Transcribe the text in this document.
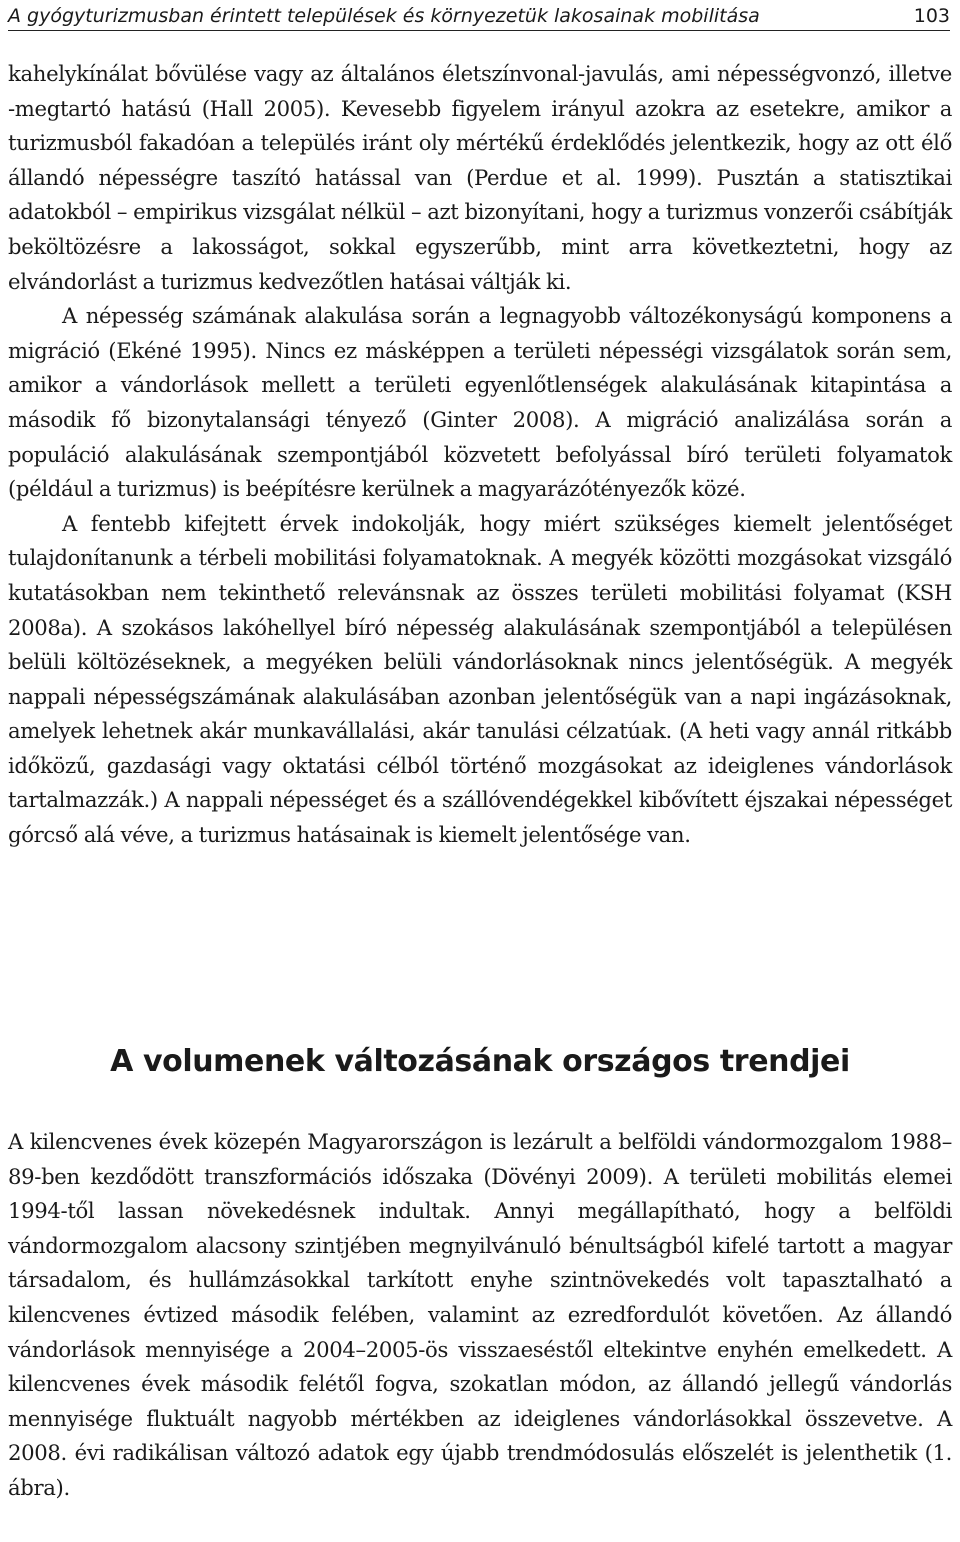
A gyógyturizmusban érintett települések és környezetük lakosainak mobilitása	103

kahelykínálat bővülése vagy az általános életszínvonal-javulás, ami népességvonzó, illetve -megtartó hatású (Hall 2005). Kevesebb figyelem irányul azokra az esetekre, amikor a turizmusból fakadóan a település iránt oly mértékű érdeklődés jelentkezik, hogy az ott élő állandó népességre taszító hatással van (Perdue et al. 1999). Pusztán a statisztikai adatokból – empirikus vizsgálat nélkül – azt bizonyítani, hogy a turizmus vonzerői csábítják beköltözésre a lakosságot, sokkal egyszerűbb, mint arra következtetni, hogy az elvándorlást a turizmus kedvezőtlen hatásai váltják ki.

A népesség számának alakulása során a legnagyobb változékonyságú komponens a migráció (Ekéné 1995). Nincs ez másképpen a területi népességi vizsgálatok során sem, amikor a vándorlások mellett a területi egyenlőtlenségek alakulásának kitapintása a második fő bizonytalansági tényező (Ginter 2008). A migráció analizálása során a populáció alakulásának szempontjából közvetett befolyással bíró területi folyamatok (például a turizmus) is beépítésre kerülnek a magyarázótényezők közé.

A fentebb kifejtett érvek indokolják, hogy miért szükséges kiemelt jelentőséget tulajdonítanunk a térbeli mobilitási folyamatoknak. A megyék közötti mozgásokat vizsgáló kutatásokban nem tekinthető relevánsnak az összes területi mobilitási folyamat (KSH 2008a). A szokásos lakóhellyel bíró népesség alakulásának szempontjából a településen belüli költözéseknek, a megyéken belüli vándorlásoknak nincs jelentőségük. A megyék nappali népességszámának alakulásában azonban jelentőségük van a napi ingázásoknak, amelyek lehetnek akár munkavállalási, akár tanulási célzatúak. (A heti vagy annál ritkább időközű, gazdasági vagy oktatási célból történő mozgásokat az ideiglenes vándorlások tartalmazzák.) A nappali népességet és a szállóvendégekkel kibővített éjszakai népességet górcső alá véve, a turizmus hatásainak is kiemelt jelentősége van.

A volumenek változásának országos trendjei

A kilencvenes évek közepén Magyarországon is lezárult a belföldi vándormozgalom 1988–89-ben kezdődött transzformációs időszaka (Dövényi 2009). A területi mobilitás elemei 1994-től lassan növekedésnek indultak. Annyi megállapítható, hogy a belföldi vándormozgalom alacsony szintjében megnyilvánuló bénultságból kifelé tartott a magyar társadalom, és hullámzásokkal tarkított enyhe szintnövekedés volt tapasztalható a kilencvenes évtized második felében, valamint az ezredfordulót követően. Az állandó vándorlások mennyisége a 2004–2005-ös visszaeséstől eltekintve enyhén emelkedett. A kilencvenes évek második felétől fogva, szokatlan módon, az állandó jellegű vándorlás mennyisége fluktuált nagyobb mértékben az ideiglenes vándorlásokkal összevetve. A 2008. évi radikálisan változó adatok egy újabb trendmódosulás előszelét is jelenthetik (1. ábra).
